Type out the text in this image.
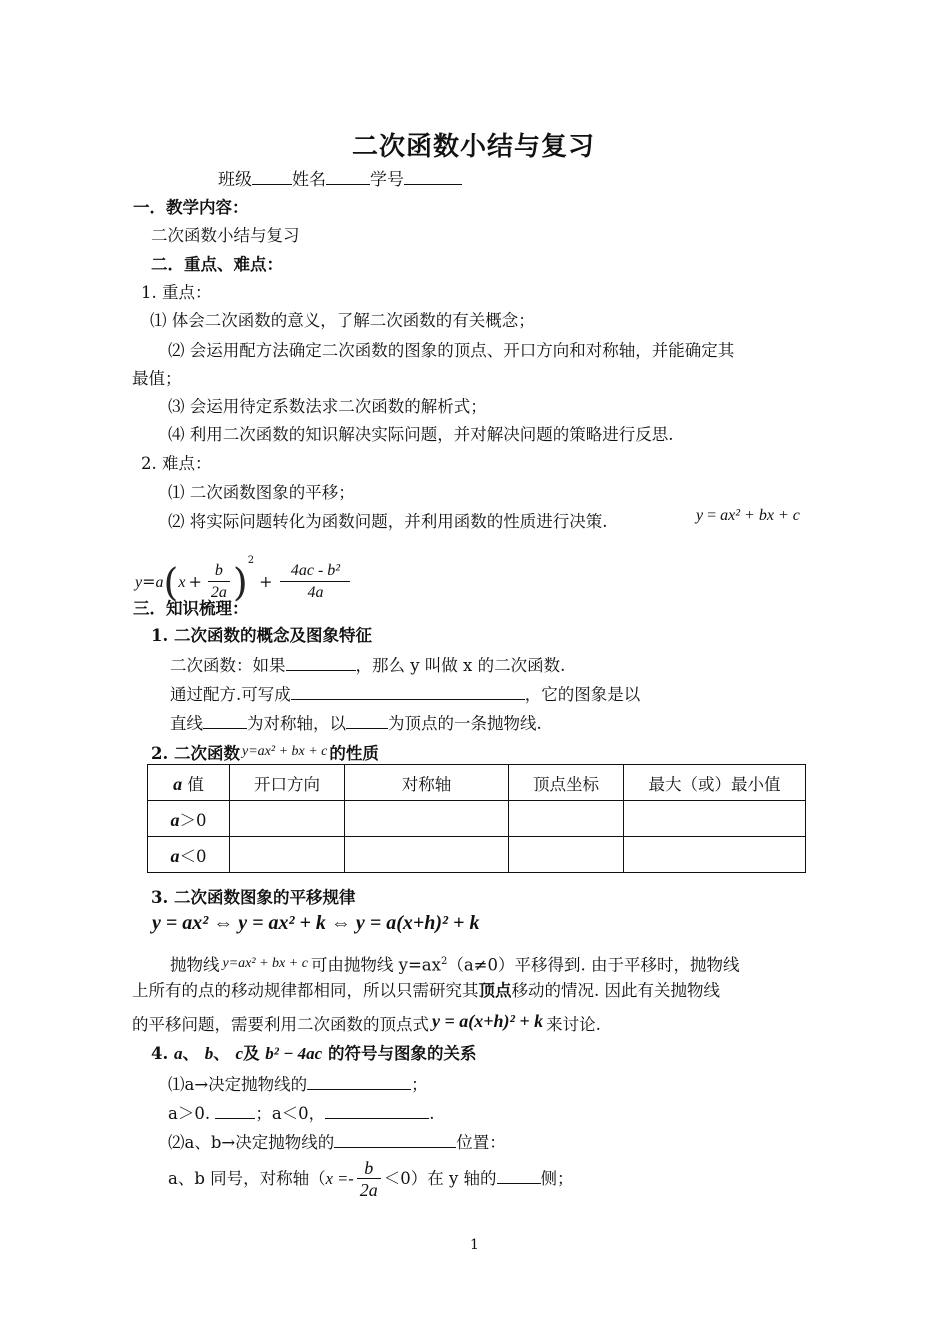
二次函数小结与复习
班级 姓名	学号
一．教学内容：
二次函数小结与复习
二．重点、难点：
1. 重点：
⑴ 体会二次函数的意义，了解二次函数的有关概念；
⑵ 会运用配方法确定二次函数的图象的顶点、开口方向和对称轴，并能确定其
最值；
⑶ 会运用待定系数法求二次函数的解析式；
⑷ 利用二次函数的知识解决实际问题，并对解决问题的策略进行反思.
2. 难点：
⑴ 二次函数图象的平移；
⑵ 将实际问题转化为函数问题，并利用函数的性质进行决策.	y = ax² + bx + c
$y=a(x + \frac{b}{2a} )^2+ \frac{\text{4ac - b²}}{4a}$
三．知识梳理：
1. 二次函数的概念及图象特征
二次函数：如果	，那么 y 叫做 x 的二次函数.
通过配方.可写成	，它的图象是以
直线	为对称轴，以	为顶点的一条抛物线.
2. 二次函数 $^{y=ax^2 + bx + c}$ 的性质
a 值	开口方向	对称轴	顶点坐标	最大（或）最小值
a＞0				
a＜0				
3. 二次函数图象的平移规律
y = ax² ⇔ y = ax² + k ⇔ y = a(x+h)² + k
抛物线 $^{y=ax^2 + bx + c}$ 可由抛物线 $y=ax^2(a\ne 0)$平移得到. 由于平移时，抛物线
上所有的点的移动规律都相同，所以只需研究其顶点移动的情况. 因此有关抛物线
的平移问题，需要利用二次函数的顶点式 y = a(x+h)² + k 来讨论.
4. a、 b、 c及 b² − 4ac 的符号与图象的关系
⑴a→决定抛物线的	；
a＞0.	；a＜0，	.
⑵a、b→决定抛物线的	位置：
a、b 同号，对称轴$(x =- \frac{b}{2a} <0)$在 y 轴的	侧；
1
